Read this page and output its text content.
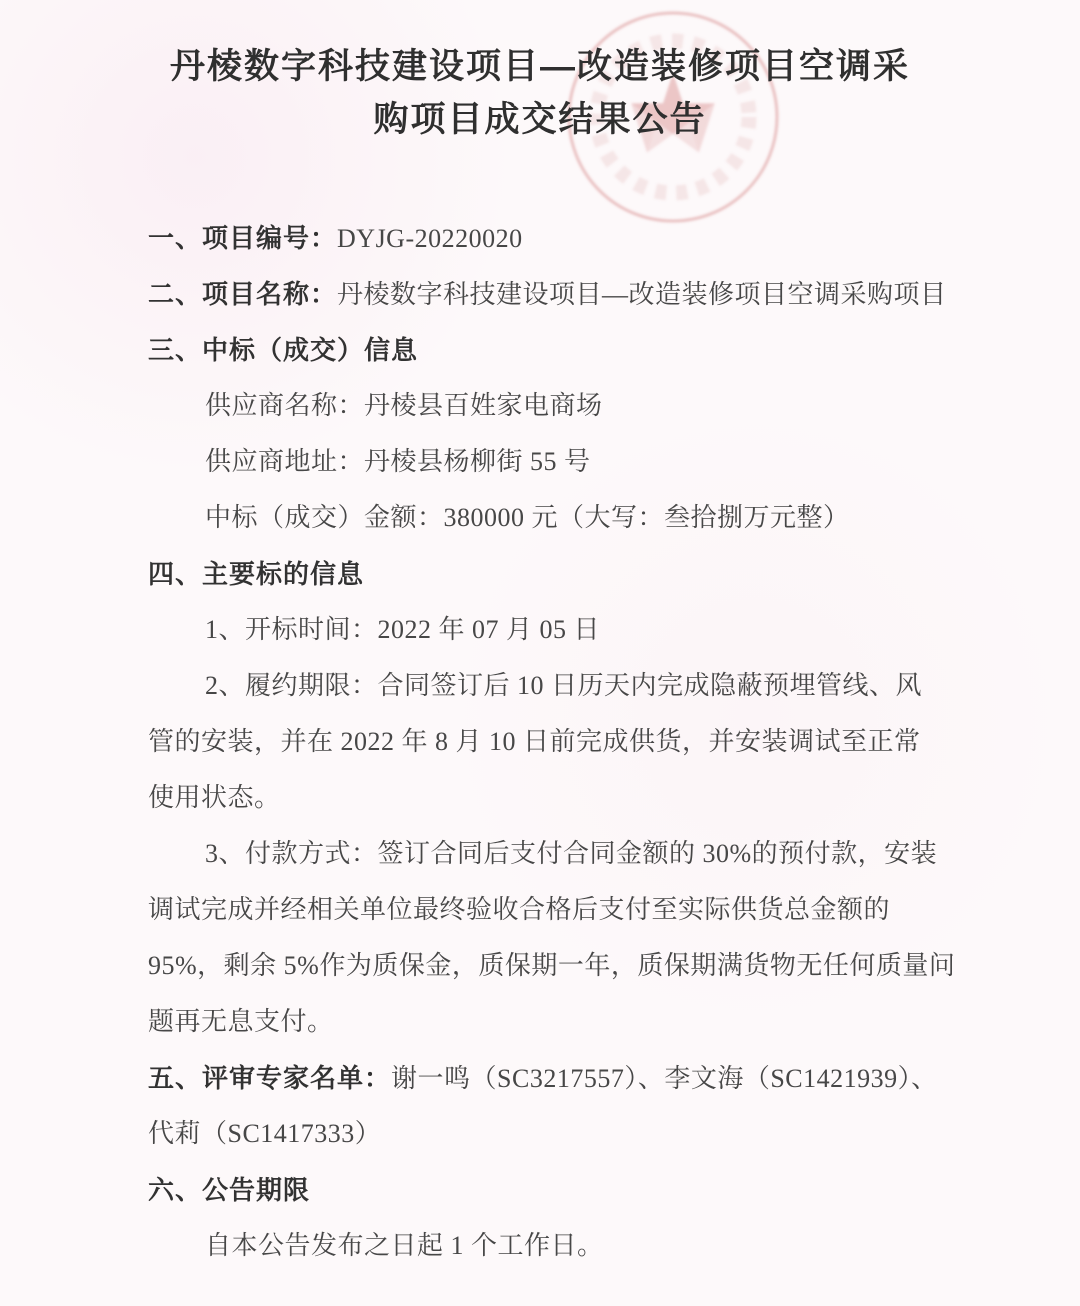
丹棱数字科技建设项目—改造装修项目空调采
购项目成交结果公告
一、项目编号：DYJG-20220020
二、项目名称：丹棱数字科技建设项目—改造装修项目空调采购项目
三、中标（成交）信息
供应商名称：丹棱县百姓家电商场
供应商地址：丹棱县杨柳街 55 号
中标（成交）金额：380000 元（大写：叁拾捌万元整）
四、主要标的信息
1、开标时间：2022 年 07 月 05 日
2、履约期限：合同签订后 10 日历天内完成隐蔽预埋管线、风
管的安装，并在 2022 年 8 月 10 日前完成供货，并安装调试至正常
使用状态。
3、付款方式：签订合同后支付合同金额的 30%的预付款，安装
调试完成并经相关单位最终验收合格后支付至实际供货总金额的
95%，剩余 5%作为质保金，质保期一年，质保期满货物无任何质量问
题再无息支付。
五、评审专家名单：谢一鸣（SC3217557）、李文海（SC1421939）、
代莉（SC1417333）
六、公告期限
自本公告发布之日起 1 个工作日。
